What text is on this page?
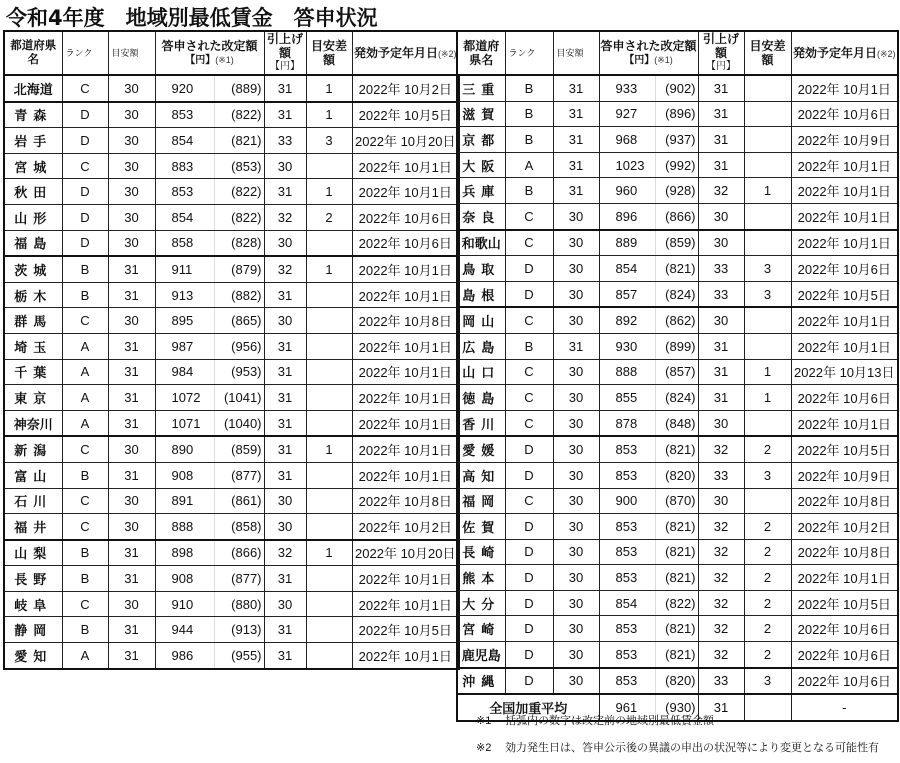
令和4年度　地域別最低賃金　答申状況
都道府県名	ランク	目安額	答申された改定額
【円】(※1)		引上げ額
【円】	目安差額	発効予定年月日(※2)
北海道	C	30	920	(889)	31	1	2022年 10月2日
青森	D	30	853	(822)	31	1	2022年 10月5日
岩手	D	30	854	(821)	33	3	2022年 10月20日
宮城	C	30	883	(853)	30		2022年 10月1日
秋田	D	30	853	(822)	31	1	2022年 10月1日
山形	D	30	854	(822)	32	2	2022年 10月6日
福島	D	30	858	(828)	30		2022年 10月6日
茨城	B	31	911	(879)	32	1	2022年 10月1日
栃木	B	31	913	(882)	31		2022年 10月1日
群馬	C	30	895	(865)	30		2022年 10月8日
埼玉	A	31	987	(956)	31		2022年 10月1日
千葉	A	31	984	(953)	31		2022年 10月1日
東京	A	31	1072	(1041)	31		2022年 10月1日
神奈川	A	31	1071	(1040)	31		2022年 10月1日
新潟	C	30	890	(859)	31	1	2022年 10月1日
富山	B	31	908	(877)	31		2022年 10月1日
石川	C	30	891	(861)	30		2022年 10月8日
福井	C	30	888	(858)	30		2022年 10月2日
山梨	B	31	898	(866)	32	1	2022年 10月20日
長野	B	31	908	(877)	31		2022年 10月1日
岐阜	C	30	910	(880)	30		2022年 10月1日
静岡	B	31	944	(913)	31		2022年 10月5日
愛知	A	31	986	(955)	31		2022年 10月1日
都道府県名	ランク	目安額	答申された改定額
【円】(※1)		引上げ額
【円】	目安差額	発効予定年月日(※2)
三重	B	31	933	(902)	31		2022年 10月1日
滋賀	B	31	927	(896)	31		2022年 10月6日
京都	B	31	968	(937)	31		2022年 10月9日
大阪	A	31	1023	(992)	31		2022年 10月1日
兵庫	B	31	960	(928)	32	1	2022年 10月1日
奈良	C	30	896	(866)	30		2022年 10月1日
和歌山	C	30	889	(859)	30		2022年 10月1日
鳥取	D	30	854	(821)	33	3	2022年 10月6日
島根	D	30	857	(824)	33	3	2022年 10月5日
岡山	C	30	892	(862)	30		2022年 10月1日
広島	B	31	930	(899)	31		2022年 10月1日
山口	C	30	888	(857)	31	1	2022年 10月13日
徳島	C	30	855	(824)	31	1	2022年 10月6日
香川	C	30	878	(848)	30		2022年 10月1日
愛媛	D	30	853	(821)	32	2	2022年 10月5日
高知	D	30	853	(820)	33	3	2022年 10月9日
福岡	C	30	900	(870)	30		2022年 10月8日
佐賀	D	30	853	(821)	32	2	2022年 10月2日
長崎	D	30	853	(821)	32	2	2022年 10月8日
熊本	D	30	853	(821)	32	2	2022年 10月1日
大分	D	30	854	(822)	32	2	2022年 10月5日
宮崎	D	30	853	(821)	32	2	2022年 10月6日
鹿児島	D	30	853	(821)	32	2	2022年 10月6日
沖縄	D	30	853	(820)	33	3	2022年 10月6日
全国加重平均			961	(930)	31		-
※1 括弧内の数字は改定前の地域別最低賃金額
※2 効力発生日は、答申公示後の異議の申出の状況等により変更となる可能性有
